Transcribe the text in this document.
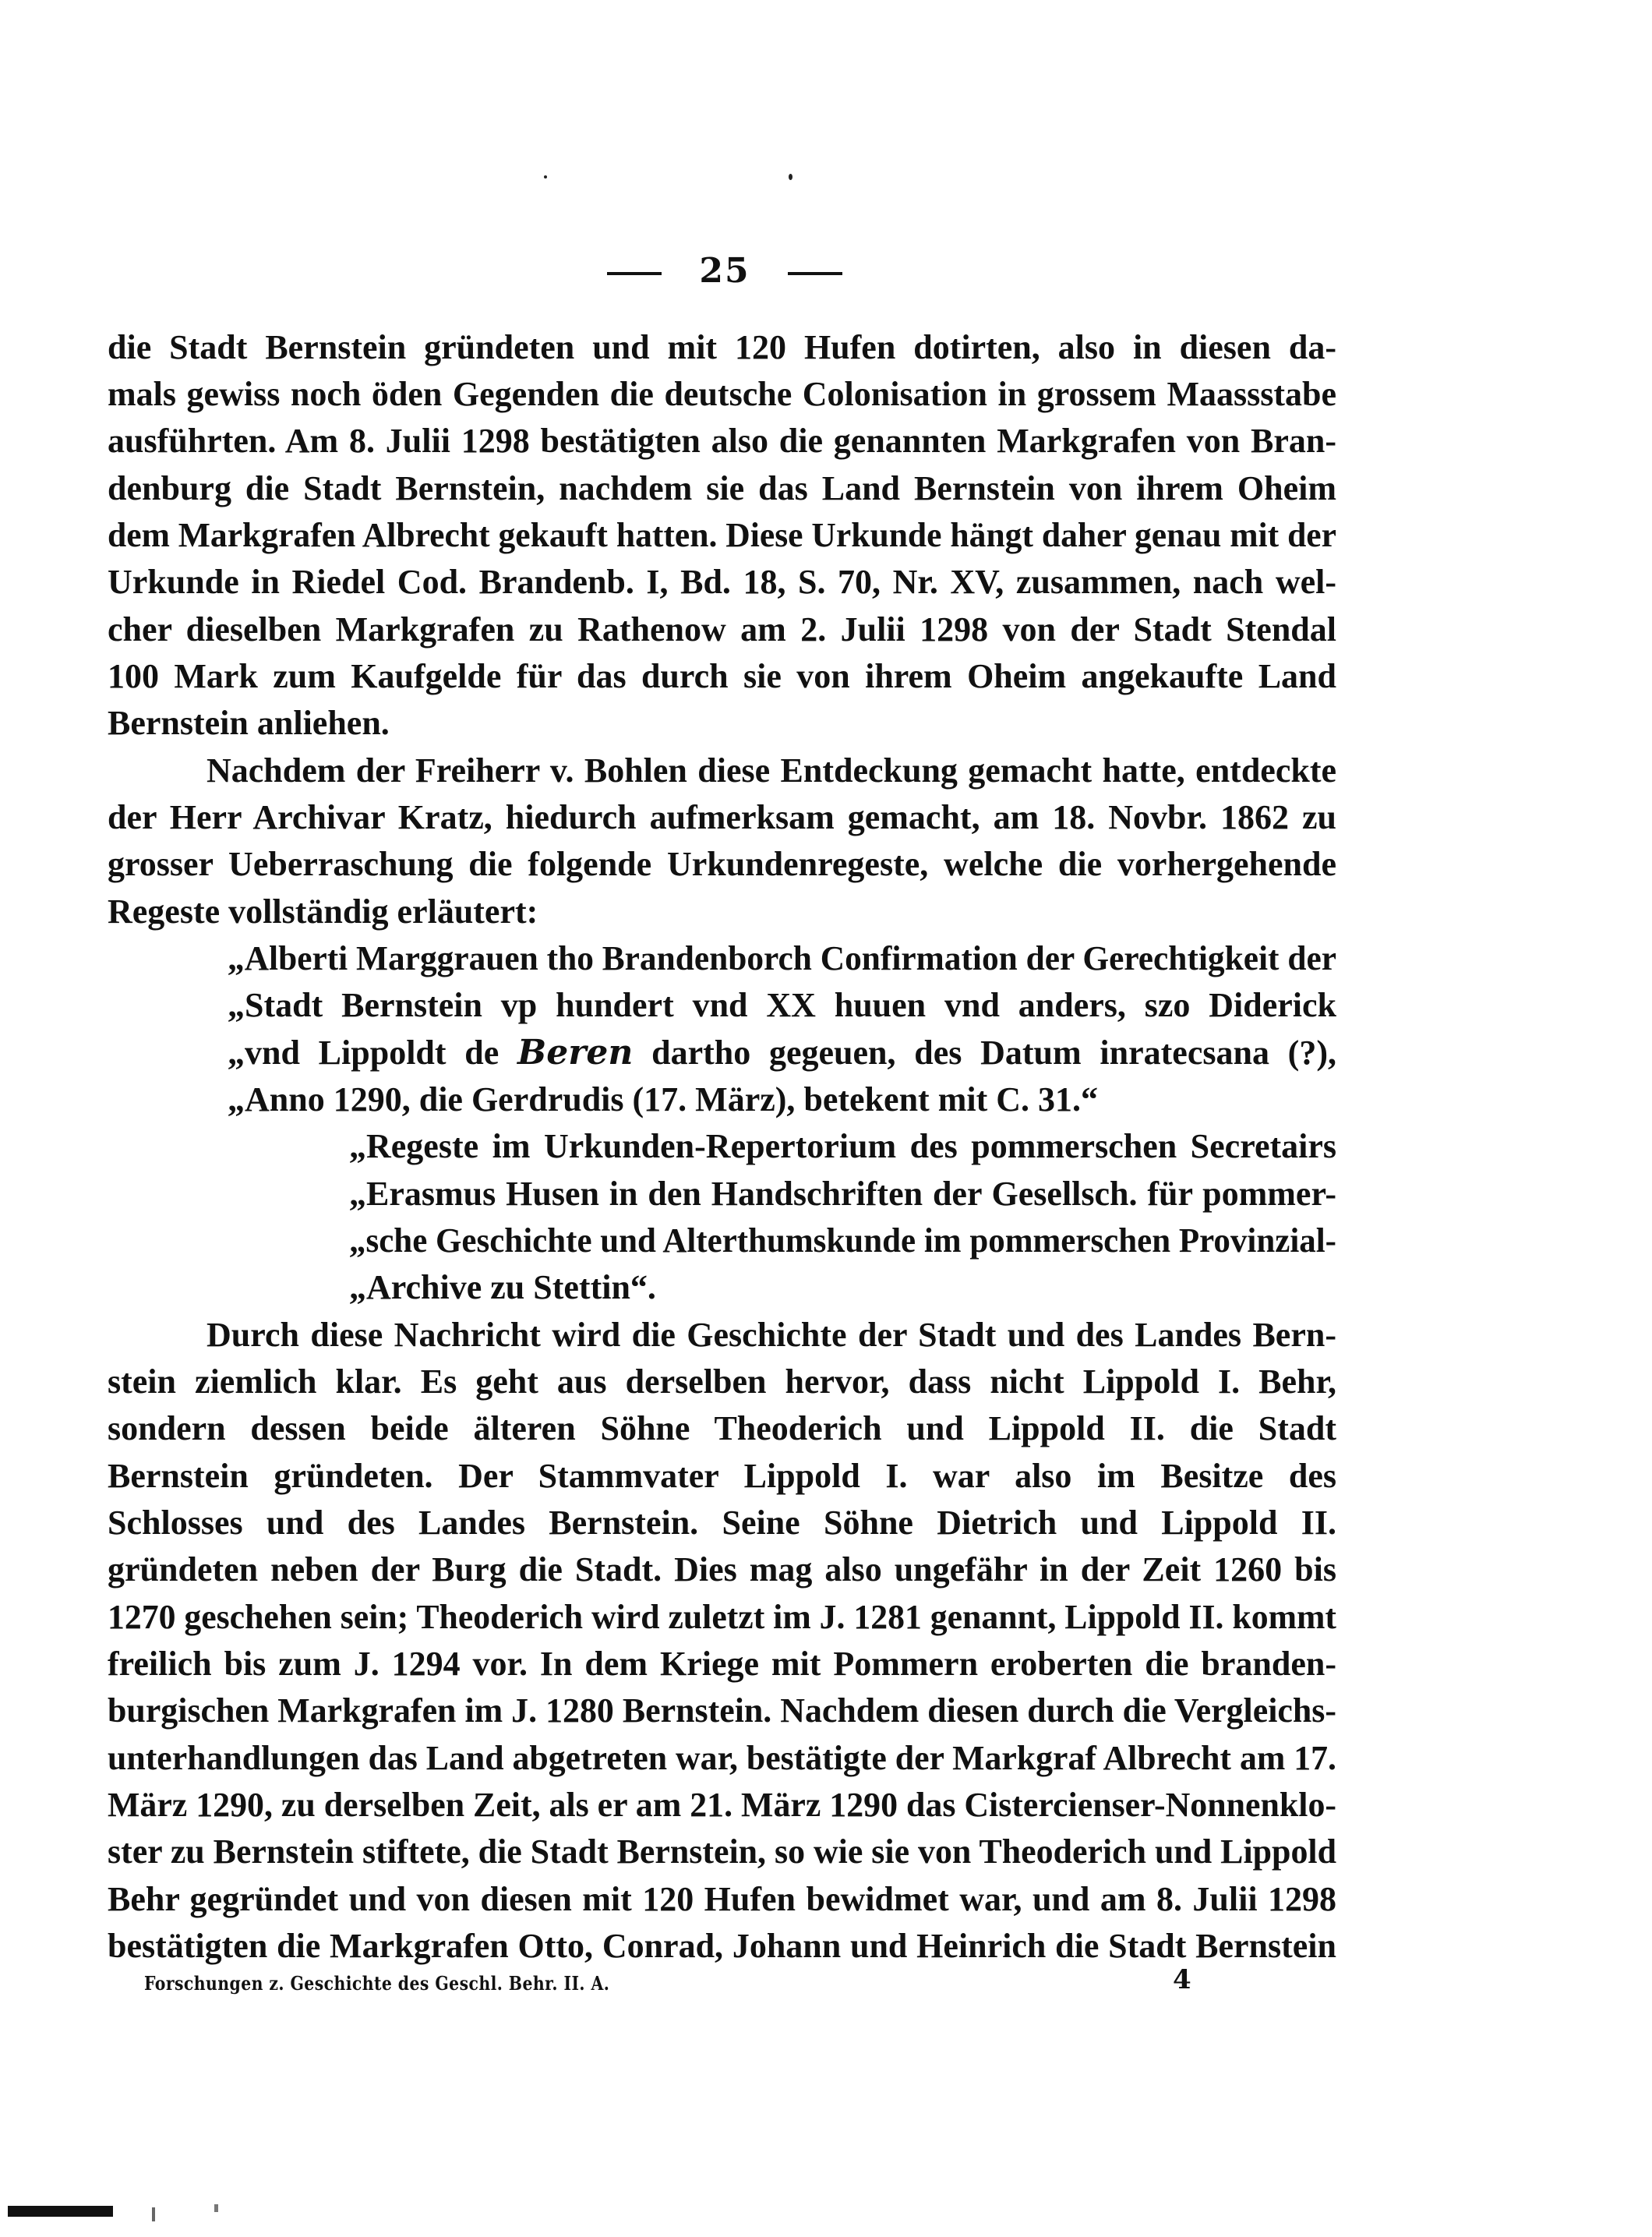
25
die Stadt Bernstein gründeten und mit 120 Hufen dotirten, also in diesen da-
mals gewiss noch öden Gegenden die deutsche Colonisation in grossem Maassstabe
ausführten. Am 8. Julii 1298 bestätigten also die genannten Markgrafen von Bran-
denburg die Stadt Bernstein, nachdem sie das Land Bernstein von ihrem Oheim
dem Markgrafen Albrecht gekauft hatten. Diese Urkunde hängt daher genau mit der
Urkunde in Riedel Cod. Brandenb. I, Bd. 18, S. 70, Nr. XV, zusammen, nach wel-
cher dieselben Markgrafen zu Rathenow am 2. Julii 1298 von der Stadt Stendal
100 Mark zum Kaufgelde für das durch sie von ihrem Oheim angekaufte Land
Bernstein anliehen.
Nachdem der Freiherr v. Bohlen diese Entdeckung gemacht hatte, entdeckte
der Herr Archivar Kratz, hiedurch aufmerksam gemacht, am 18. Novbr. 1862 zu
grosser Ueberraschung die folgende Urkundenregeste, welche die vorhergehende
Regeste vollständig erläutert:
„Alberti Marggrauen tho Brandenborch Confirmation der Gerechtigkeit der
„Stadt Bernstein vp hundert vnd XX huuen vnd anders, szo Diderick
„vnd Lippoldt de Beren dartho gegeuen, des Datum inratecsana (?),
„Anno 1290, die Gerdrudis (17. März), betekent mit C. 31.“
„Regeste im Urkunden-Repertorium des pommerschen Secretairs
„Erasmus Husen in den Handschriften der Gesellsch. für pommer-
„sche Geschichte und Alterthumskunde im pommerschen Provinzial-
„Archive zu Stettin“.
Durch diese Nachricht wird die Geschichte der Stadt und des Landes Bern-
stein ziemlich klar. Es geht aus derselben hervor, dass nicht Lippold I. Behr,
sondern dessen beide älteren Söhne Theoderich und Lippold II. die Stadt
Bernstein gründeten. Der Stammvater Lippold I. war also im Besitze des
Schlosses und des Landes Bernstein. Seine Söhne Dietrich und Lippold II.
gründeten neben der Burg die Stadt. Dies mag also ungefähr in der Zeit 1260 bis
1270 geschehen sein; Theoderich wird zuletzt im J. 1281 genannt, Lippold II. kommt
freilich bis zum J. 1294 vor. In dem Kriege mit Pommern eroberten die branden-
burgischen Markgrafen im J. 1280 Bernstein. Nachdem diesen durch die Vergleichs-
unterhandlungen das Land abgetreten war, bestätigte der Markgraf Albrecht am 17.
März 1290, zu derselben Zeit, als er am 21. März 1290 das Cistercienser-Nonnenklo-
ster zu Bernstein stiftete, die Stadt Bernstein, so wie sie von Theoderich und Lippold
Behr gegründet und von diesen mit 120 Hufen bewidmet war, und am 8. Julii 1298
bestätigten die Markgrafen Otto, Conrad, Johann und Heinrich die Stadt Bernstein
Forschungen z. Geschichte des Geschl. Behr. II. A.	4
